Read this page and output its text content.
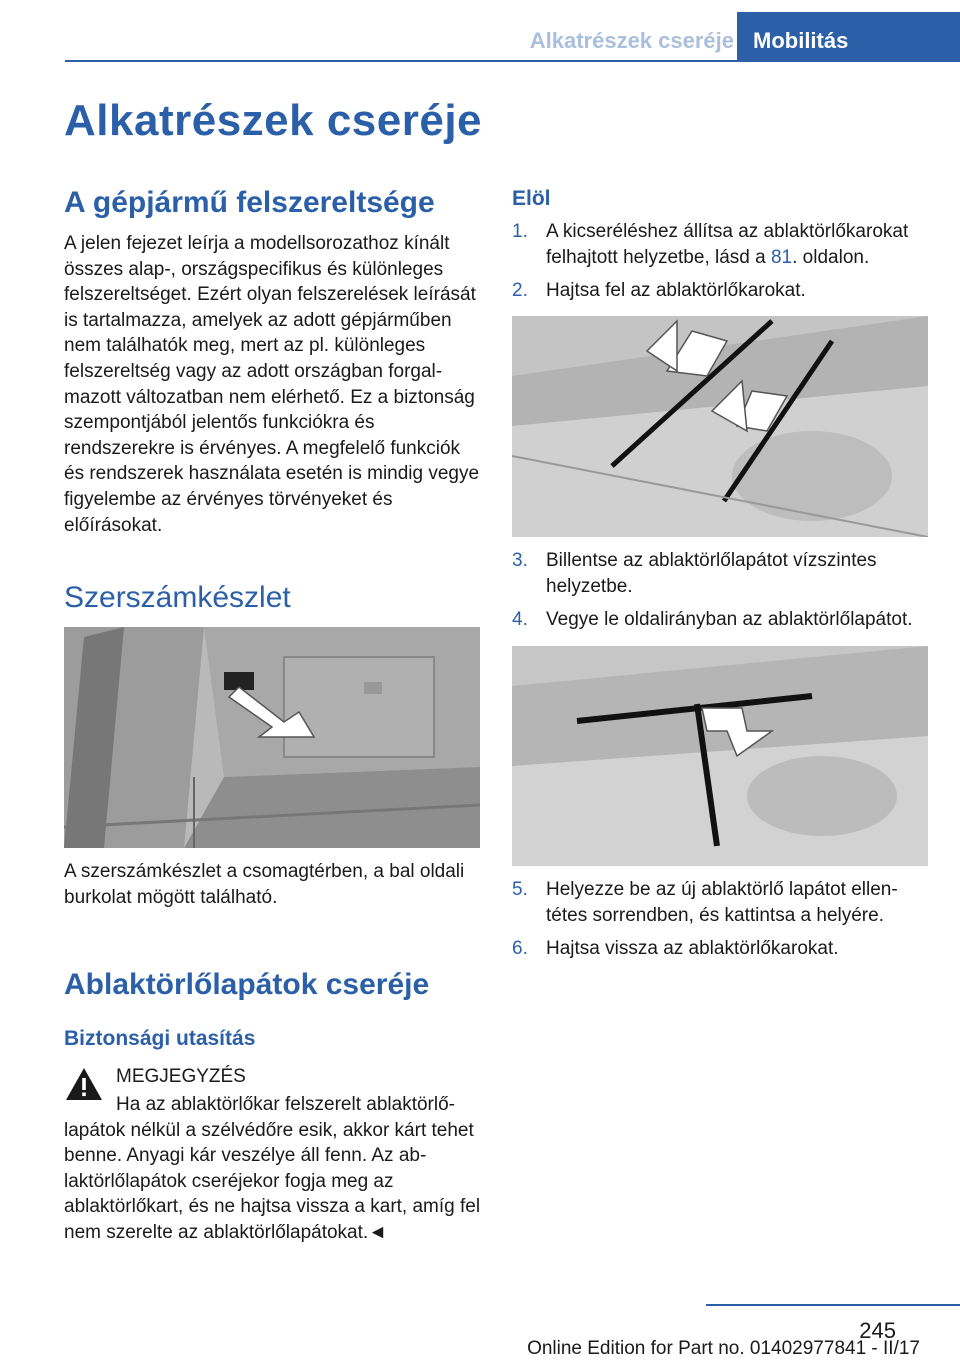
Alkatrészek cseréje Mobilitás
Alkatrészek cseréje
A gépjármű felszereltsége

A jelen fejezet leírja a modellsorozathoz kínált összes alap-, országspecifikus és különleges felszereltséget. Ezért olyan felszerelések leírását is tartalmazza, amelyek az adott gépjárműben nem találhatók meg, mert az pl. különleges felszereltség vagy az adott országban forgalmazott változatban nem elérhető. Ez a biztonság szempontjából jelentős funkciókra és rendszerekre is érvényes. A megfelelő funkciók és rendszerek használata esetén is mindig vegye figyelembe az érvényes törvényeket és előírásokat.

Szerszámkészlet

A szerszámkészlet a csomagtérben, a bal oldali burkolat mögött található.

Ablaktörlőlapátok cseréje
Biztonsági utasítás
MEGJEGYZÉS

Ha az ablaktörlőkar felszerelt ablaktörlőlapátok nélkül a szélvédőre esik, akkor kárt tehet benne. Anyagi kár veszélye áll fenn. Az ablaktörlőlapátok cseréjekor fogja meg az ablaktörlőkart, és ne hajtsa vissza a kart, amíg fel nem szerelte az ablaktörlőlapátokat.◄

Elöl
1. A kicseréléshez állítsa az ablaktörlőkarokat felhajtott helyzetbe, lásd a 81. oldalon.
2. Hajtsa fel az ablaktörlőkarokat.
3. Billentse az ablaktörlőlapátot vízszintes helyzetbe.
4. Vegye le oldalirányban az ablaktörlőlapátot.
5. Helyezze be az új ablaktörlő lapátot ellentétes sorrendben, és kattintsa a helyére.
6. Hajtsa vissza az ablaktörlőkarokat.
245
Online Edition for Part no. 01402977841 - II/17
